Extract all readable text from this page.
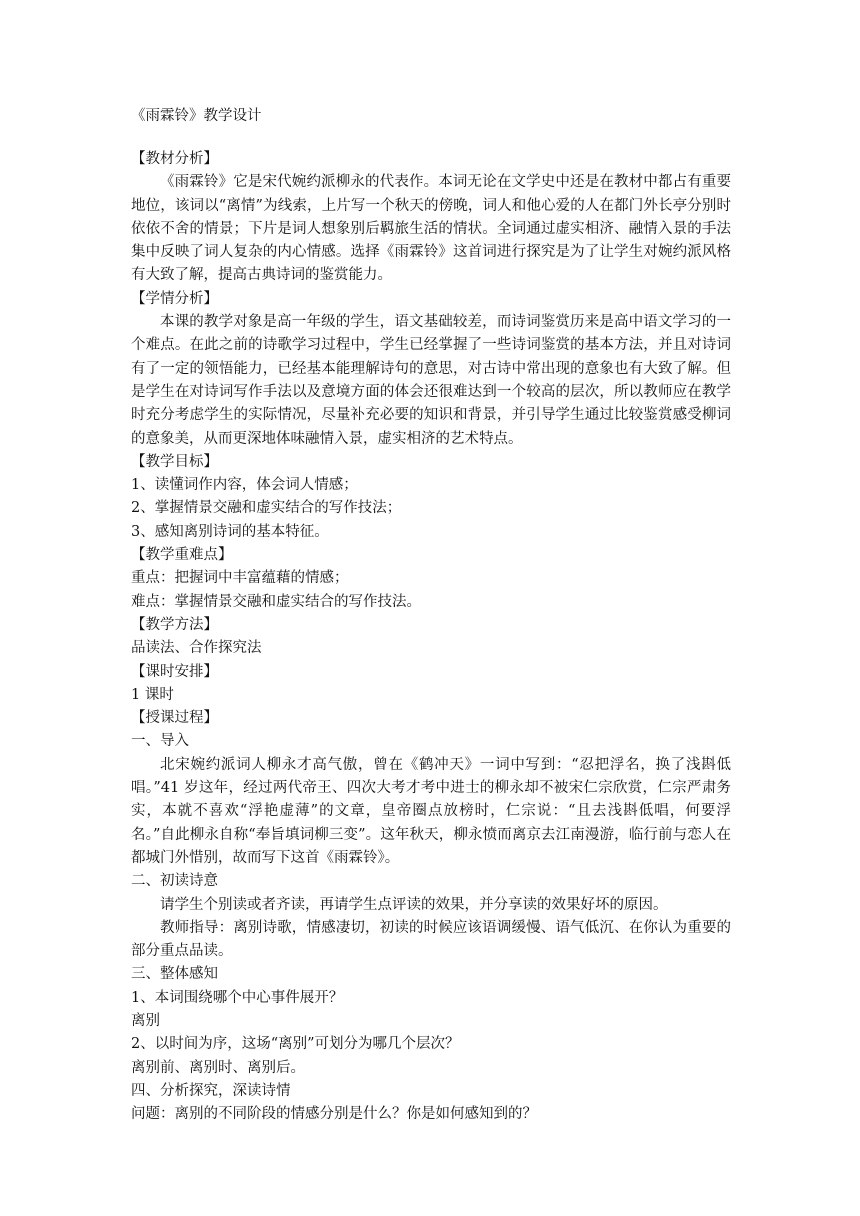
《雨霖铃》教学设计

【教材分析】

《雨霖铃》它是宋代婉约派柳永的代表作。本词无论在文学史中还是在教材中都占有重要地位，该词以“离情”为线索，上片写一个秋天的傍晚，词人和他心爱的人在都门外长亭分别时依依不舍的情景；下片是词人想象别后羁旅生活的情状。全词通过虚实相济、融情入景的手法集中反映了词人复杂的内心情感。选择《雨霖铃》这首词进行探究是为了让学生对婉约派风格有大致了解，提高古典诗词的鉴赏能力。

【学情分析】

本课的教学对象是高一年级的学生，语文基础较差，而诗词鉴赏历来是高中语文学习的一个难点。在此之前的诗歌学习过程中，学生已经掌握了一些诗词鉴赏的基本方法，并且对诗词有了一定的领悟能力，已经基本能理解诗句的意思，对古诗中常出现的意象也有大致了解。但是学生在对诗词写作手法以及意境方面的体会还很难达到一个较高的层次，所以教师应在教学时充分考虑学生的实际情况，尽量补充必要的知识和背景，并引导学生通过比较鉴赏感受柳词的意象美，从而更深地体味融情入景，虚实相济的艺术特点。

【教学目标】

1、读懂词作内容，体会词人情感；

2、掌握情景交融和虚实结合的写作技法；

3、感知离别诗词的基本特征。

【教学重难点】

重点：把握词中丰富蕴藉的情感；

难点：掌握情景交融和虚实结合的写作技法。

【教学方法】

品读法、合作探究法

【课时安排】

1 课时

【授课过程】

一、导入

北宋婉约派词人柳永才高气傲，曾在《鹤冲天》一词中写到：“忍把浮名，换了浅斟低唱。”41 岁这年，经过两代帝王、四次大考才考中进士的柳永却不被宋仁宗欣赏，仁宗严肃务实，本就不喜欢“浮艳虚薄”的文章，皇帝圈点放榜时，仁宗说：“且去浅斟低唱，何要浮名。”自此柳永自称“奉旨填词柳三变”。这年秋天，柳永愤而离京去江南漫游，临行前与恋人在都城门外惜别，故而写下这首《雨霖铃》。

二、初读诗意

请学生个别读或者齐读，再请学生点评读的效果，并分享读的效果好坏的原因。

教师指导：离别诗歌，情感凄切，初读的时候应该语调缓慢、语气低沉、在你认为重要的部分重点品读。

三、整体感知

1、本词围绕哪个中心事件展开？

离别

2、以时间为序，这场“离别”可划分为哪几个层次？

离别前、离别时、离别后。

四、分析探究，深读诗情

问题：离别的不同阶段的情感分别是什么？你是如何感知到的？
